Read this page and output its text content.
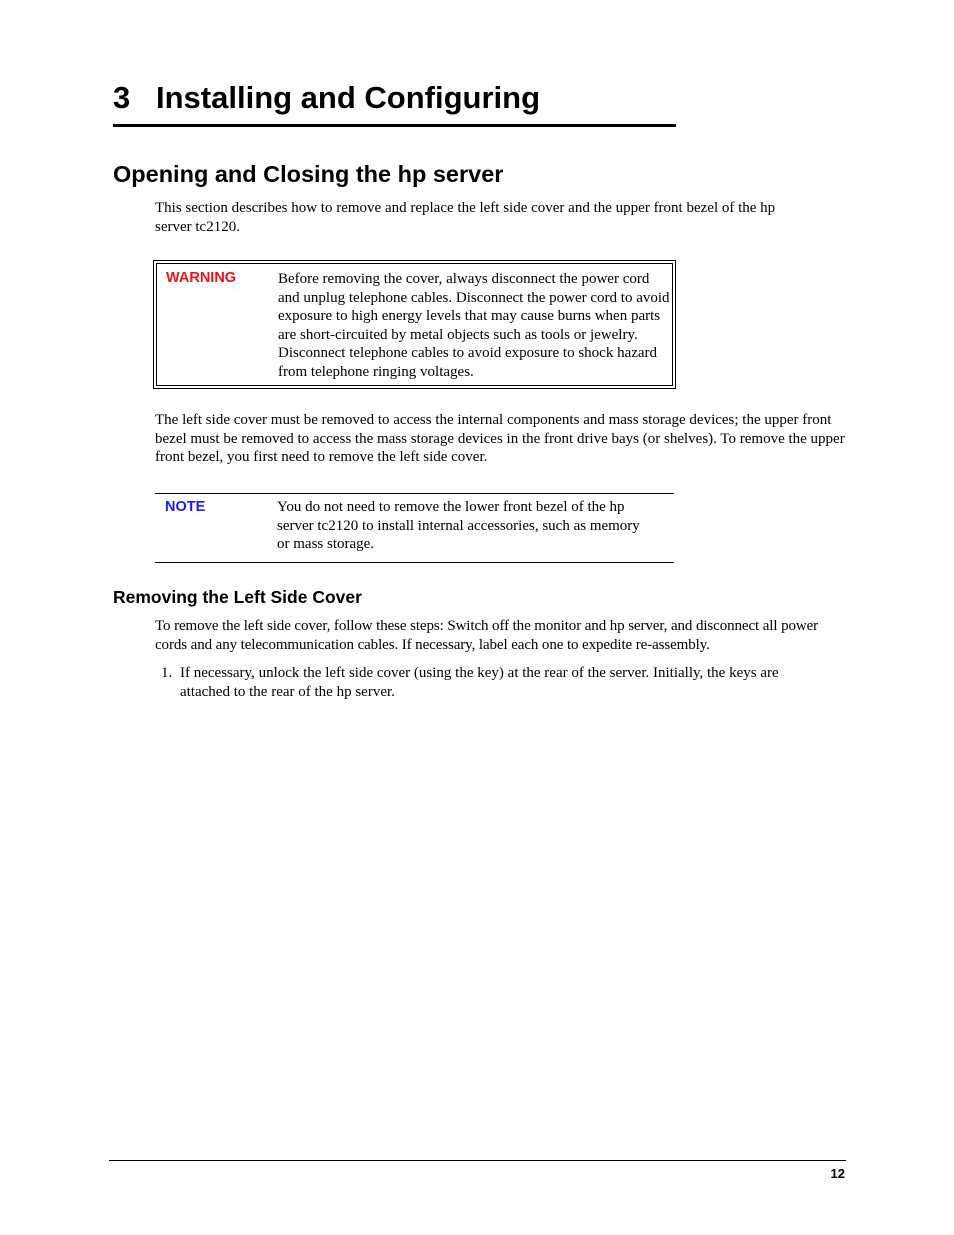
3 Installing and Configuring
Opening and Closing the hp server

This section describes how to remove and replace the left side cover and the upper front bezel of the hp server tc2120.

WARNING	Before removing the cover, always disconnect the power cord and unplug telephone cables. Disconnect the power cord to avoid exposure to high energy levels that may cause burns when parts are short-circuited by metal objects such as tools or jewelry. Disconnect telephone cables to avoid exposure to shock hazard from telephone ringing voltages.

The left side cover must be removed to access the internal components and mass storage devices; the upper front bezel must be removed to access the mass storage devices in the front drive bays (or shelves). To remove the upper front bezel, you first need to remove the left side cover.

NOTE	You do not need to remove the lower front bezel of the hp server tc2120 to install internal accessories, such as memory or mass storage.

Removing the Left Side Cover

To remove the left side cover, follow these steps: Switch off the monitor and hp server, and disconnect all power cords and any telecommunication cables. If necessary, label each one to expedite re-assembly.

1. If necessary, unlock the left side cover (using the key) at the rear of the server. Initially, the keys are attached to the rear of the hp server.

12
